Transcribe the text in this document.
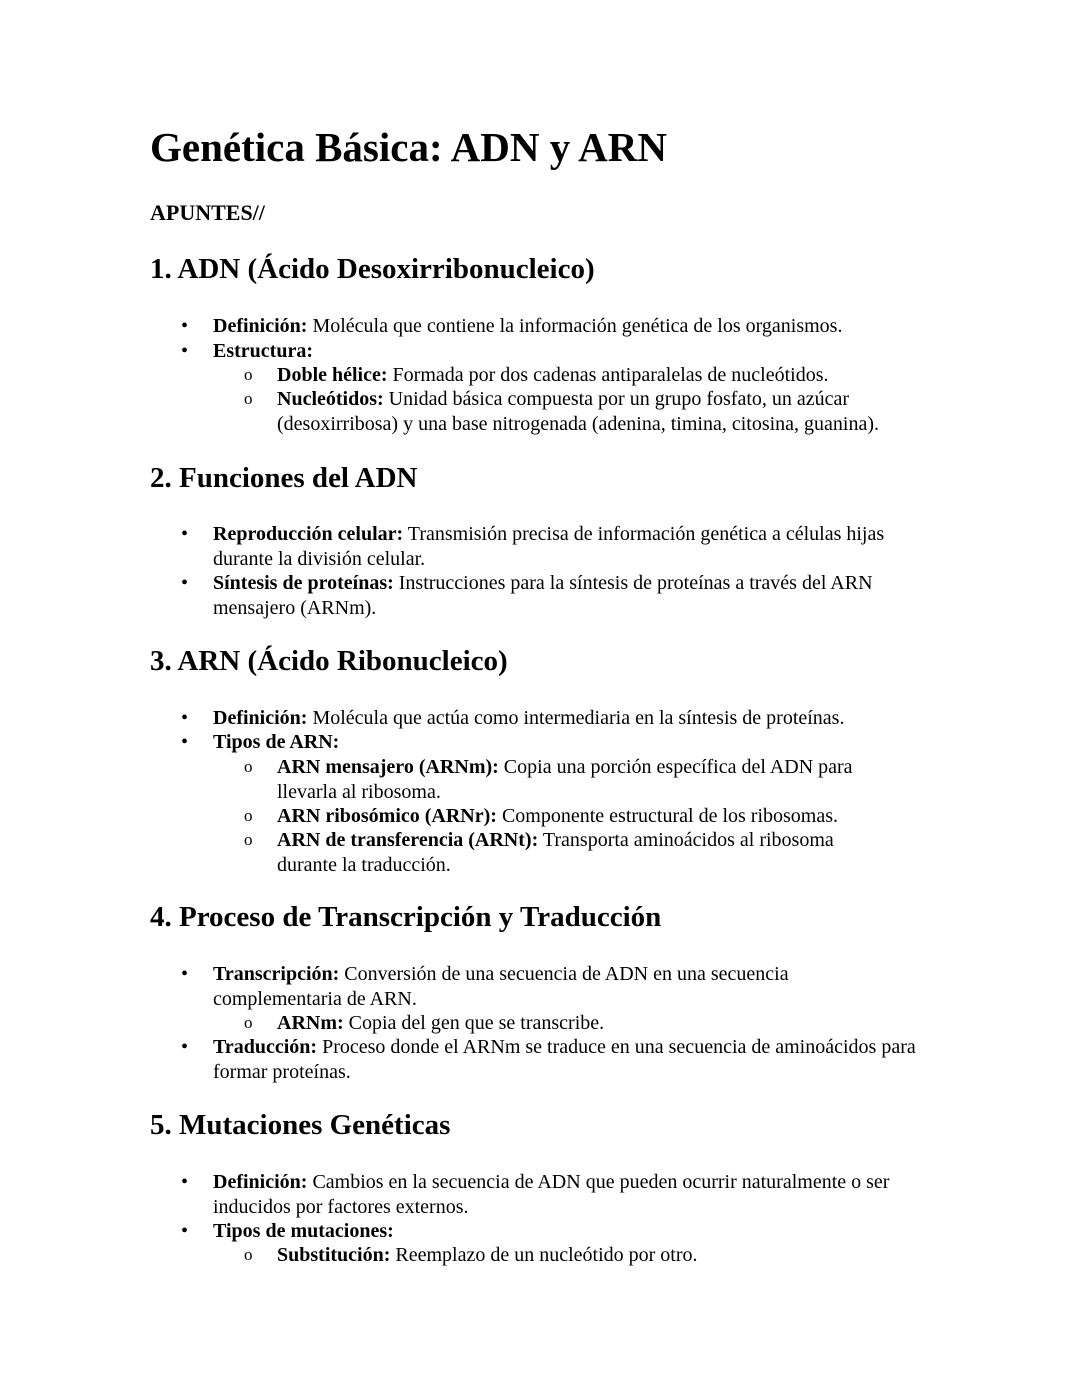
Genética Básica: ADN y ARN
APUNTES//
1. ADN (Ácido Desoxirribonucleico)
• Definición: Molécula que contiene la información genética de los organismos.
• Estructura:
o Doble hélice: Formada por dos cadenas antiparalelas de nucleótidos.
o Nucleótidos: Unidad básica compuesta por un grupo fosfato, un azúcar (desoxirribosa) y una base nitrogenada (adenina, timina, citosina, guanina).
2. Funciones del ADN
• Reproducción celular: Transmisión precisa de información genética a células hijas durante la división celular.
• Síntesis de proteínas: Instrucciones para la síntesis de proteínas a través del ARN mensajero (ARNm).
3. ARN (Ácido Ribonucleico)
• Definición: Molécula que actúa como intermediaria en la síntesis de proteínas.
• Tipos de ARN:
o ARN mensajero (ARNm): Copia una porción específica del ADN para llevarla al ribosoma.
o ARN ribosómico (ARNr): Componente estructural de los ribosomas.
o ARN de transferencia (ARNt): Transporta aminoácidos al ribosoma durante la traducción.
4. Proceso de Transcripción y Traducción
• Transcripción: Conversión de una secuencia de ADN en una secuencia complementaria de ARN.
o ARNm: Copia del gen que se transcribe.
• Traducción: Proceso donde el ARNm se traduce en una secuencia de aminoácidos para formar proteínas.
5. Mutaciones Genéticas
• Definición: Cambios en la secuencia de ADN que pueden ocurrir naturalmente o ser inducidos por factores externos.
• Tipos de mutaciones:
o Substitución: Reemplazo de un nucleótido por otro.
